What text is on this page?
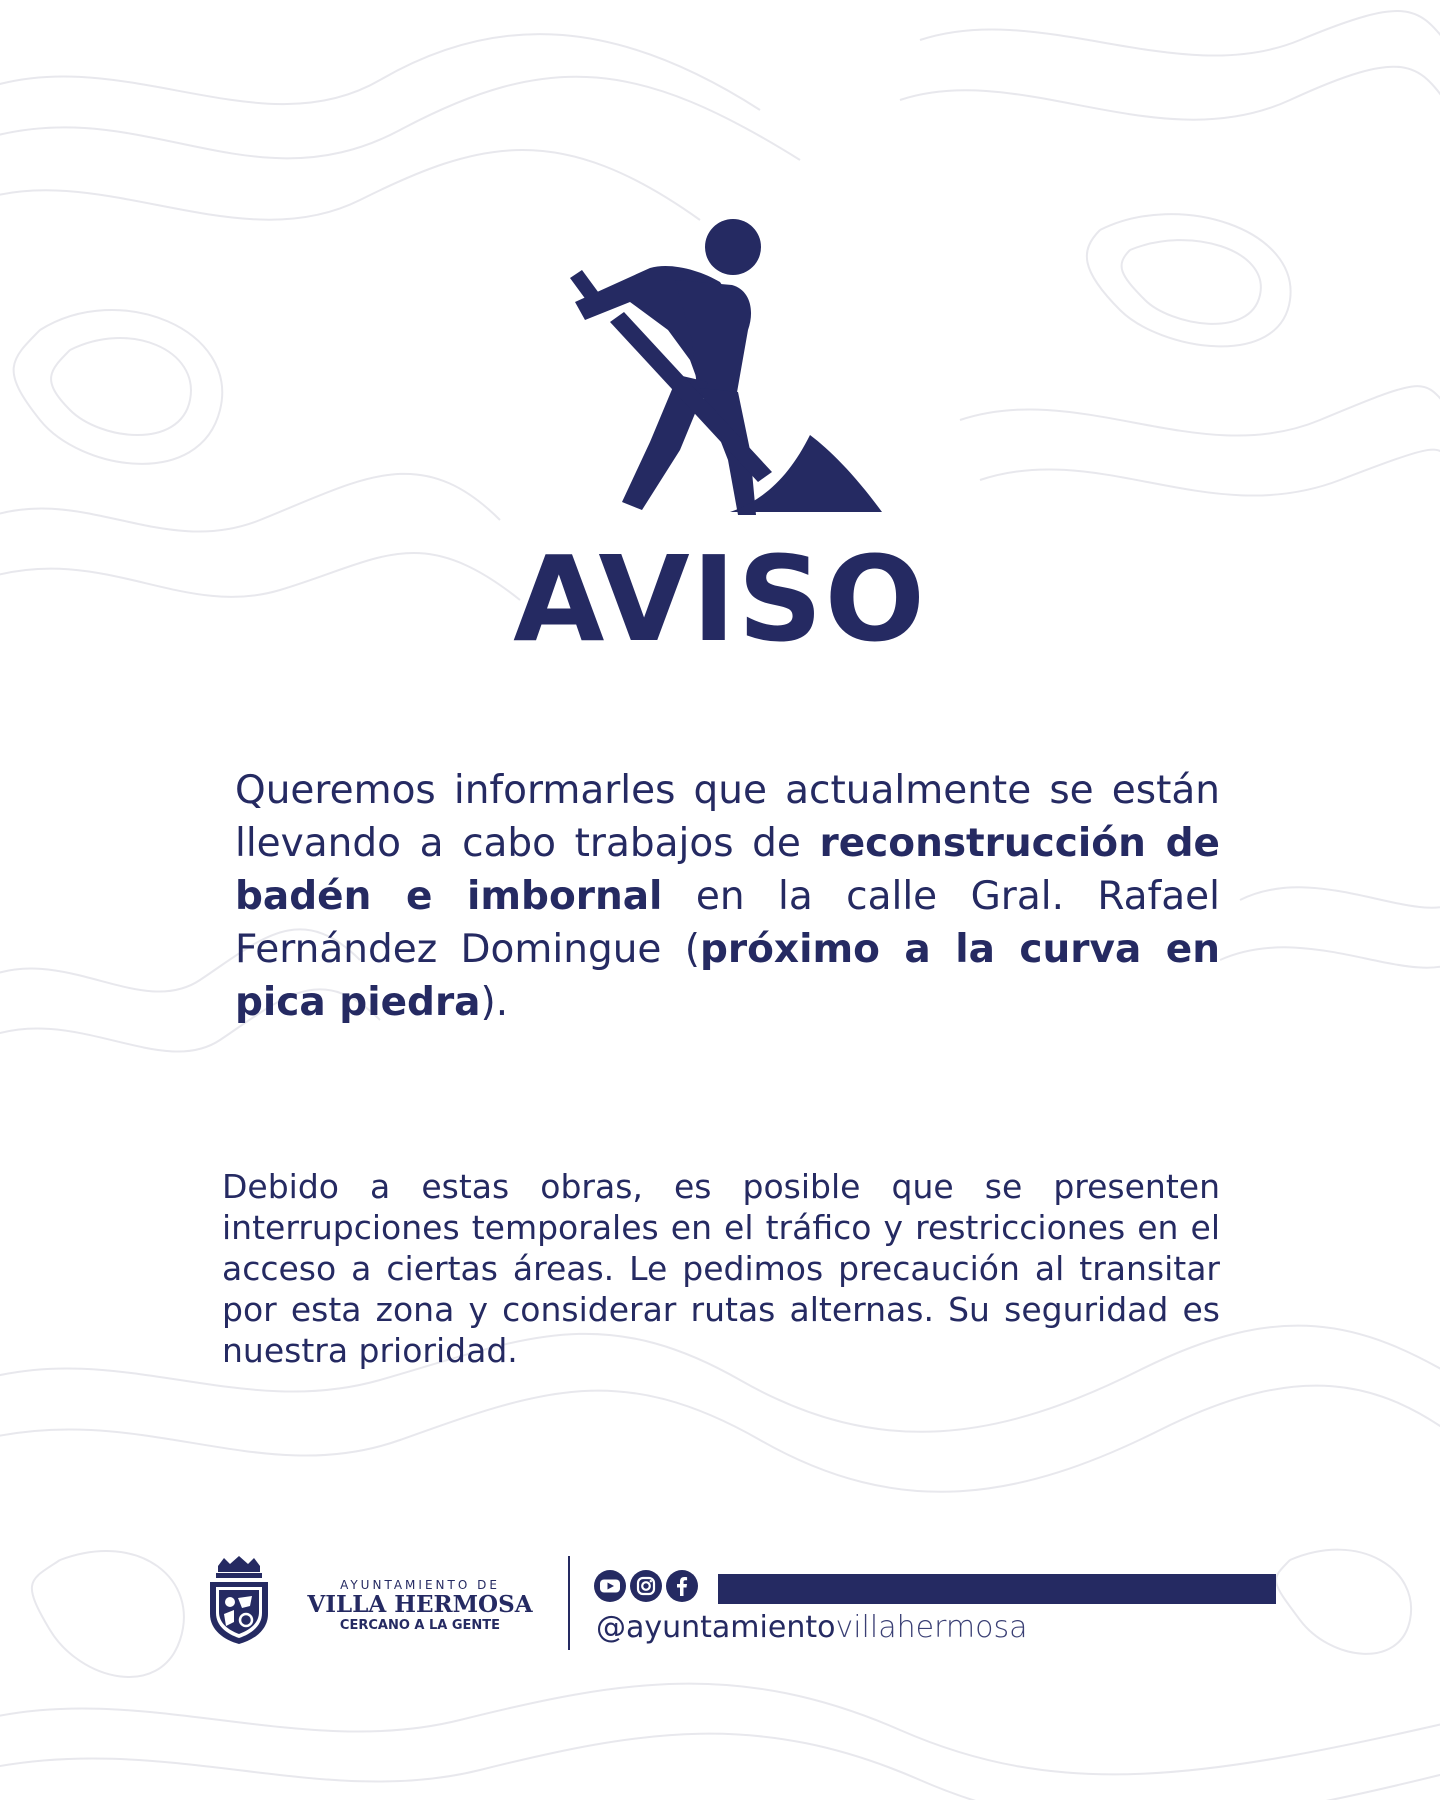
AVISO
Queremos informarles que actualmente se están llevando a cabo trabajos de reconstrucción de badén e imbornal en la calle Gral. Rafael Fernández Domingue (próximo a la curva en pica piedra).
Debido a estas obras, es posible que se presenten interrupciones temporales en el tráfico y restricciones en el acceso a ciertas áreas. Le pedimos precaución al transitar por esta zona y considerar rutas alternas. Su seguridad es nuestra prioridad.
AYUNTAMIENTO DE
VILLA HERMOSA
CERCANO A LA GENTE	@ayuntamientovillahermosa
